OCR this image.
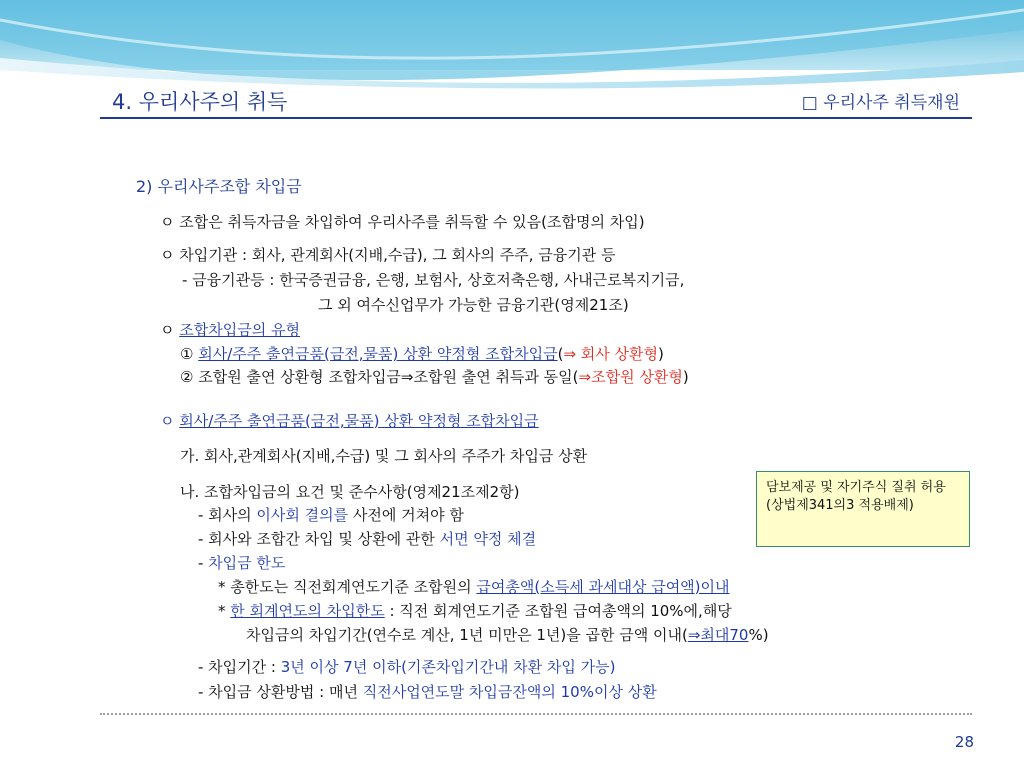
4. 우리사주의 취득	□ 우리사주 취득재원
2) 우리사주조합 차입금
ㅇ 조합은 취득자금을 차입하여 우리사주를 취득할 수 있음(조합명의 차입)
ㅇ 차입기관 : 회사, 관계회사(지배,수급), 그 회사의 주주, 금융기관 등
- 금융기관등 : 한국증권금융, 은행, 보험사, 상호저축은행, 사내근로복지기금,
그 외 여수신업무가 가능한 금융기관(영제21조)
ㅇ 조합차입금의 유형
① 회사/주주 출연금품(금전,물품) 상환 약정형 조합차입금(⇒ 회사 상환형)
② 조합원 출연 상환형 조합차입금⇒조합원 출연 취득과 동일(⇒조합원 상환형)
ㅇ 회사/주주 출연금품(금전,물품) 상환 약정형 조합차입금
가. 회사,관계회사(지배,수급) 및 그 회사의 주주가 차입금 상환
나. 조합차입금의 요건 및 준수사항(영제21조제2항)
- 회사의 이사회 결의를 사전에 거쳐야 함
- 회사와 조합간 차입 및 상환에 관한 서면 약정 체결
- 차입금 한도
* 총한도는 직전회계연도기준 조합원의 급여총액(소득세 과세대상 급여액)이내
* 한 회계연도의 차입한도 : 직전 회계연도기준 조합원 급여총액의 10%에,해당
차입금의 차입기간(연수로 계산, 1년 미만은 1년)을 곱한 금액 이내(⇒최대70%)
- 차입기간 : 3년 이상 7년 이하(기존차입기간내 차환 차입 가능)
- 차입금 상환방법 : 매년 직전사업연도말 차입금잔액의 10%이상 상환
담보제공 및 자기주식 질취 허용(상법제341의3 적용배제)
28
